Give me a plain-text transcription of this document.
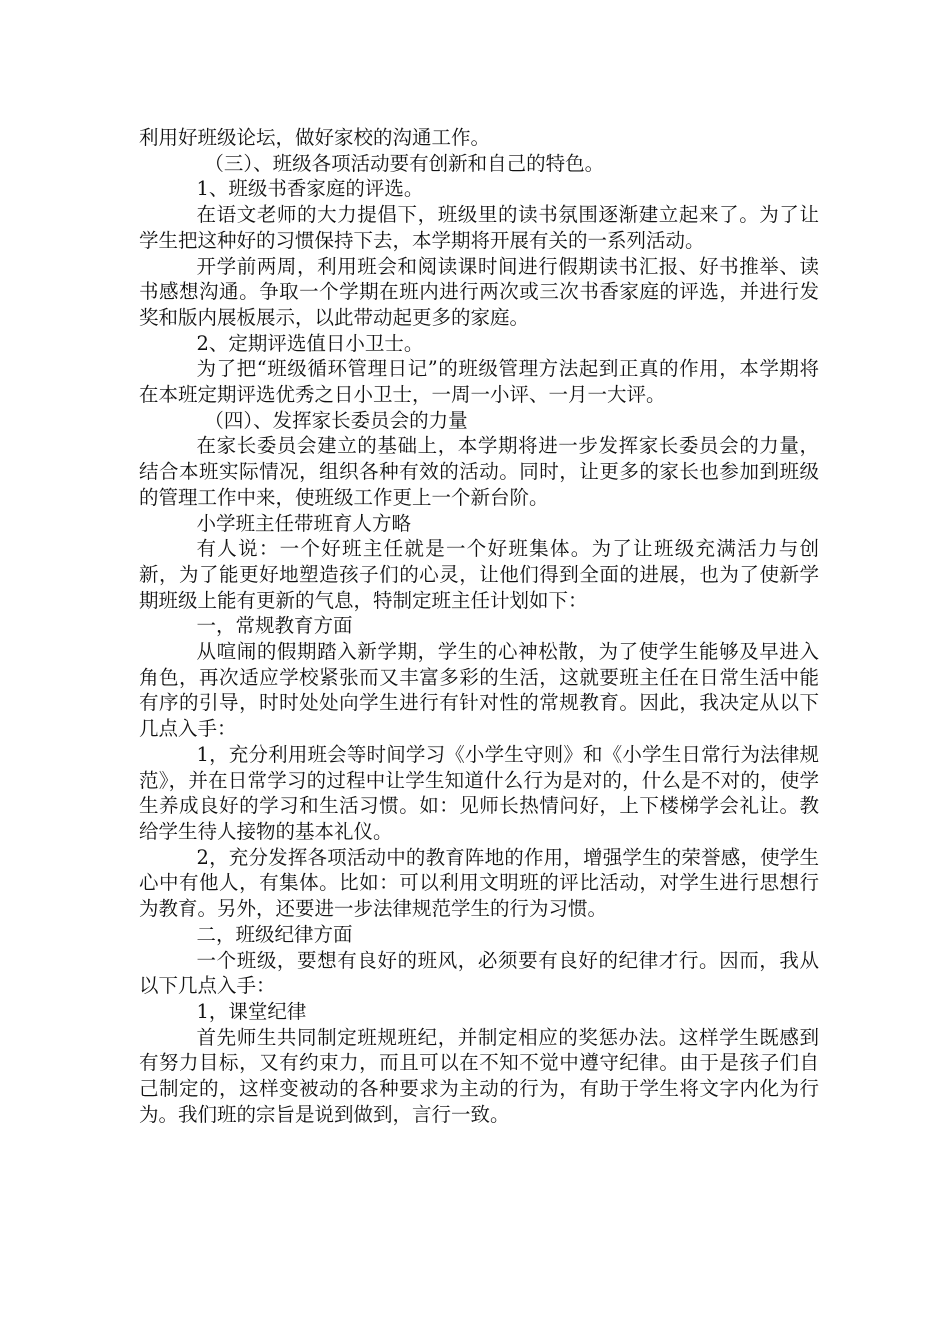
利用好班级论坛，做好家校的沟通工作。

（三）、班级各项活动要有创新和自己的特色。

1、班级书香家庭的评选。

在语文老师的大力提倡下，班级里的读书氛围逐渐建立起来了。为了让学生把这种好的习惯保持下去，本学期将开展有关的一系列活动。

开学前两周，利用班会和阅读课时间进行假期读书汇报、好书推举、读书感想沟通。争取一个学期在班内进行两次或三次书香家庭的评选，并进行发奖和版内展板展示，以此带动起更多的家庭。

2、定期评选值日小卫士。

为了把“班级循环管理日记”的班级管理方法起到正真的作用，本学期将在本班定期评选优秀之日小卫士，一周一小评、一月一大评。

（四）、发挥家长委员会的力量

在家长委员会建立的基础上，本学期将进一步发挥家长委员会的力量，结合本班实际情况，组织各种有效的活动。同时，让更多的家长也参加到班级的管理工作中来，使班级工作更上一个新台阶。

小学班主任带班育人方略

有人说：一个好班主任就是一个好班集体。为了让班级充满活力与创新，为了能更好地塑造孩子们的心灵，让他们得到全面的进展，也为了使新学期班级上能有更新的气息，特制定班主任计划如下：

一，常规教育方面

从喧闹的假期踏入新学期，学生的心神松散，为了使学生能够及早进入角色，再次适应学校紧张而又丰富多彩的生活，这就要班主任在日常生活中能有序的引导，时时处处向学生进行有针对性的常规教育。因此，我决定从以下几点入手：

1，充分利用班会等时间学习《小学生守则》和《小学生日常行为法律规范》，并在日常学习的过程中让学生知道什么行为是对的，什么是不对的，使学生养成良好的学习和生活习惯。如：见师长热情问好，上下楼梯学会礼让。教给学生待人接物的基本礼仪。

2，充分发挥各项活动中的教育阵地的作用，增强学生的荣誉感，使学生心中有他人，有集体。比如：可以利用文明班的评比活动，对学生进行思想行为教育。另外，还要进一步法律规范学生的行为习惯。

二，班级纪律方面

一个班级，要想有良好的班风，必须要有良好的纪律才行。因而，我从以下几点入手：

1，课堂纪律

首先师生共同制定班规班纪，并制定相应的奖惩办法。这样学生既感到有努力目标，又有约束力，而且可以在不知不觉中遵守纪律。由于是孩子们自己制定的，这样变被动的各种要求为主动的行为，有助于学生将文字内化为行为。我们班的宗旨是说到做到，言行一致。
